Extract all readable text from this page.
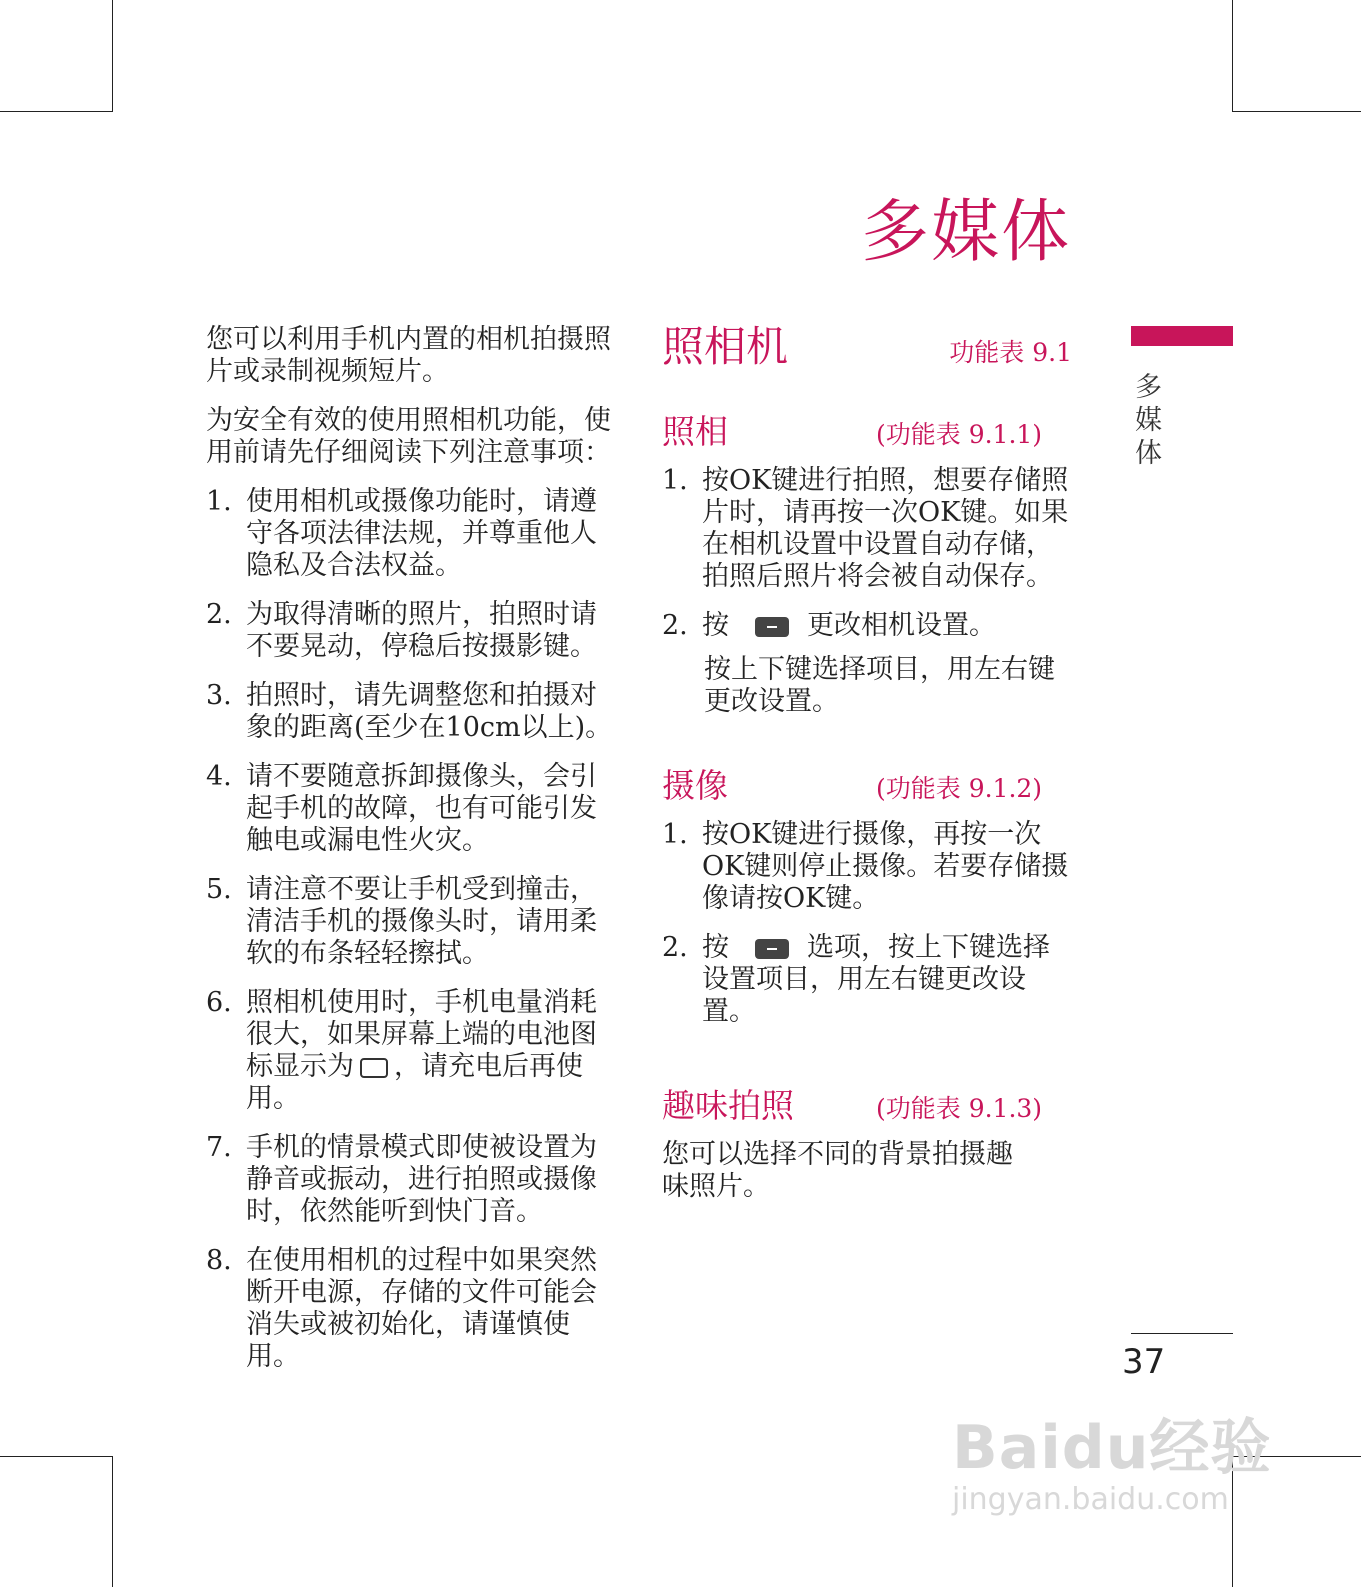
多媒体
多媒体

您可以利用手机内置的相机拍摄照片或录制视频短片。

为安全有效的使用照相机功能，使用前请先仔细阅读下列注意事项：

1. 使用相机或摄像功能时，请遵守各项法律法规，并尊重他人隐私及合法权益。
2. 为取得清晰的照片，拍照时请不要晃动，停稳后按摄影键。
3. 拍照时，请先调整您和拍摄对象的距离(至少在10cm以上)。
4. 请不要随意拆卸摄像头，会引起手机的故障，也有可能引发触电或漏电性火灾。
5. 请注意不要让手机受到撞击，清洁手机的摄像头时，请用柔软的布条轻轻擦拭。
6. 照相机使用时，手机电量消耗很大，如果屏幕上端的电池图标显示为 ，请充电后再使用。
7. 手机的情景模式即使被设置为静音或振动，进行拍照或摄像时，依然能听到快门音。
8. 在使用相机的过程中如果突然断开电源，存储的文件可能会消失或被初始化，请谨慎使用。
照相机	功能表 9.1
照相	(功能表 9.1.1)
1. 按OK键进行拍照，想要存储照片时，请再按一次OK键。如果在相机设置中设置自动存储，拍照后照片将会被自动保存。
2. 按	更改相机设置。

按上下键选择项目，用左右键更改设置。

摄像	(功能表 9.1.2)
1. 按OK键进行摄像，再按一次OK键则停止摄像。若要存储摄像请按OK键。
2. 按	选项，按上下键选择设置项目，用左右键更改设置。
趣味拍照	(功能表 9.1.3)

您可以选择不同的背景拍摄趣味照片。

37
Baidu经验
jingyan.baidu.com
